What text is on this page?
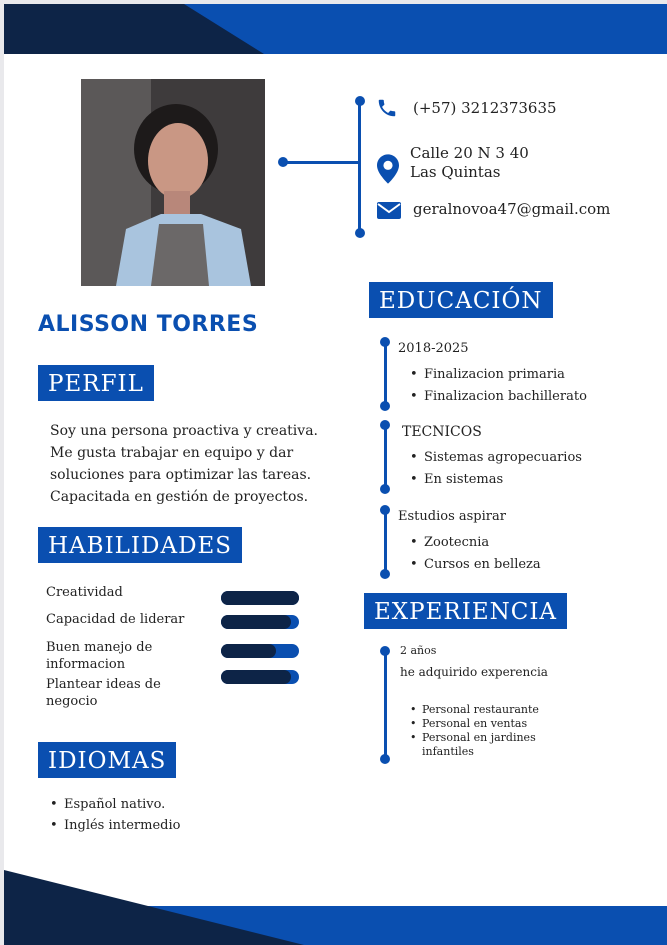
(+57) 3212373635
Calle 20 N 3 40
Las Quintas
geralnovoa47@gmail.com
ALISSON TORRES
PERFIL
Soy una persona proactiva y creativa.
Me gusta trabajar en equipo y dar
soluciones para optimizar las tareas.
Capacitada en gestión de proyectos.
HABILIDADES
Creatividad
Capacidad de liderar
Buen manejo de
informacion
Plantear ideas de
negocio
IDIOMAS
• Español nativo.
• Inglés intermedio
EDUCACIÓN
2018-2025
• Finalizacion primaria
• Finalizacion bachillerato
TECNICOS
• Sistemas agropecuarios
• En sistemas
Estudios aspirar
• Zootecnia
• Cursos en belleza
EXPERIENCIA
2 años
he adquirido experencia
• Personal restaurante
• Personal en ventas
• Personal en jardines
infantiles
